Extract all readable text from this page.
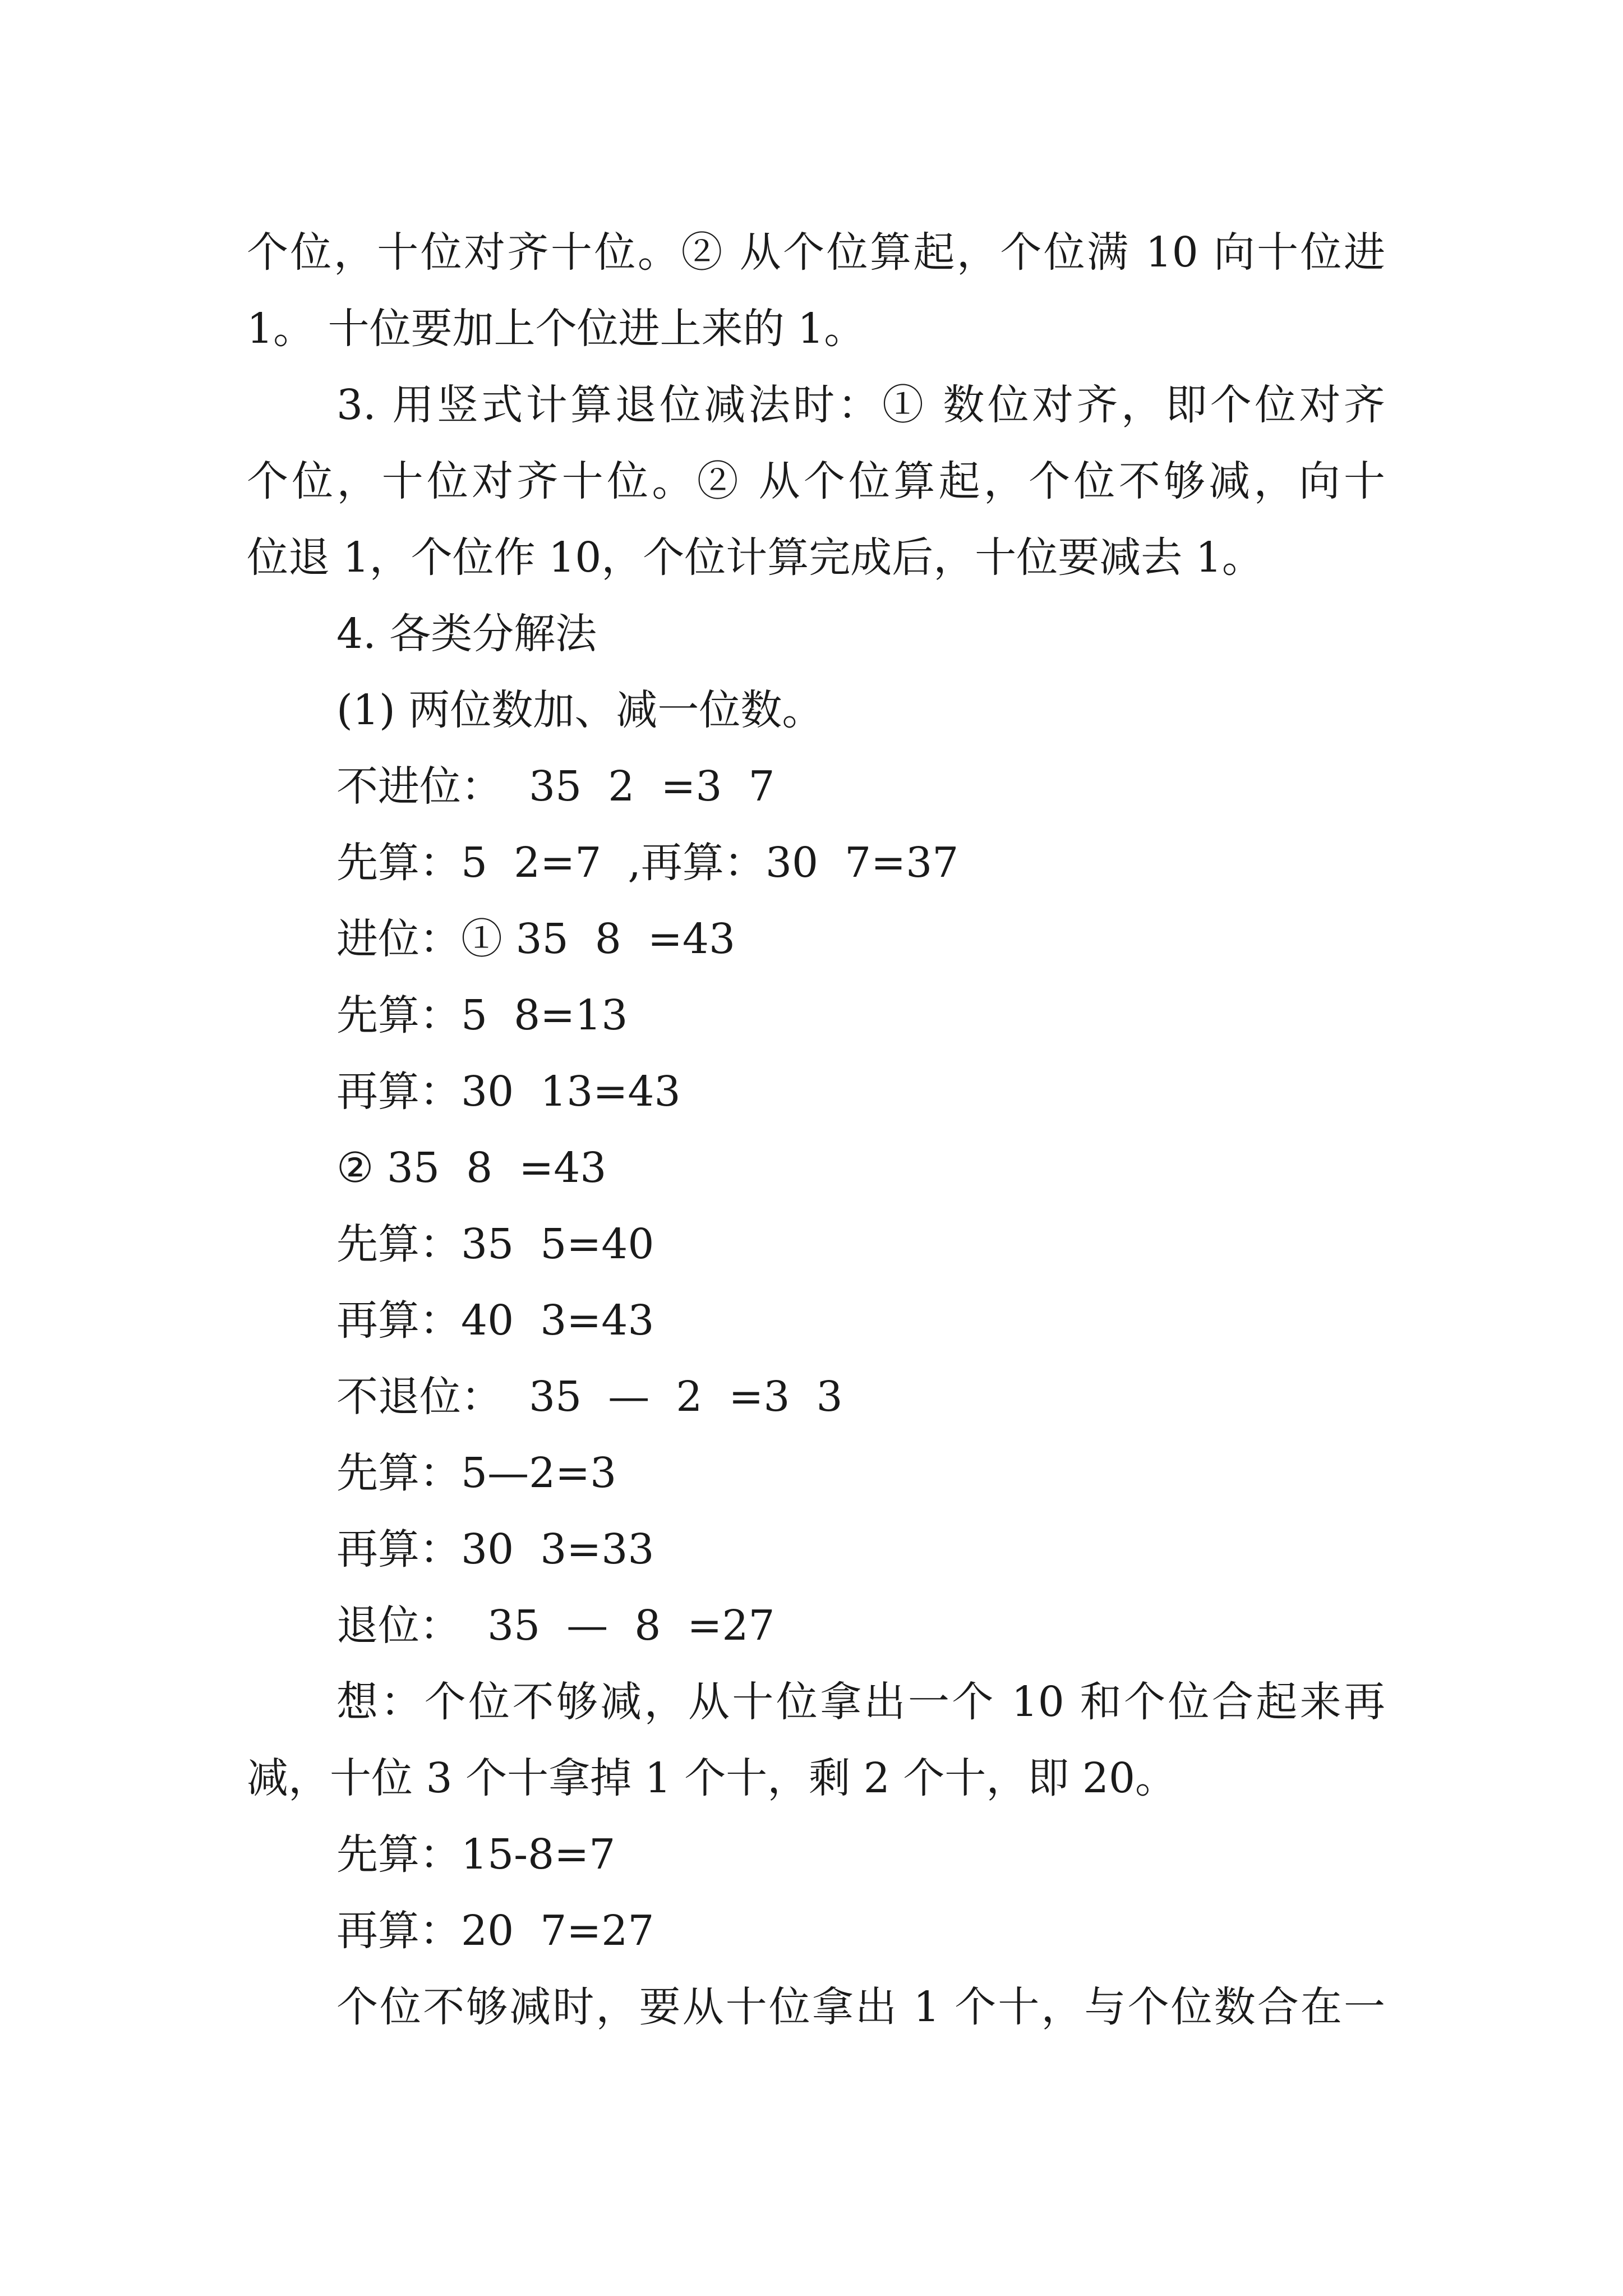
个位，十位对齐十位。② 从个位算起，个位满 10 向十位进
1。 十位要加上个位进上来的 1。
3. 用竖式计算退位减法时：① 数位对齐，即个位对齐
个位，十位对齐十位。② 从个位算起，个位不够减，向十
位退 1，个位作 10，个位计算完成后，十位要减去 1。
4. 各类分解法
(1) 两位数加、减一位数。
不进位：  35  2  =3  7
先算：5  2=7  ,再算：30  7=37
进位：① 35  8  =43
先算：5  8=13
再算：30  13=43
② 35  8  =43
先算：35  5=40
再算：40  3=43
不退位：  35  —  2  =3  3
先算：5—2=3
再算：30  3=33
退位：  35  —  8  =27
想：个位不够减，从十位拿出一个 10 和个位合起来再
减，十位 3 个十拿掉 1 个十，剩 2 个十，即 20。
先算：15-8=7
再算：20  7=27
个位不够减时，要从十位拿出 1 个十，与个位数合在一
